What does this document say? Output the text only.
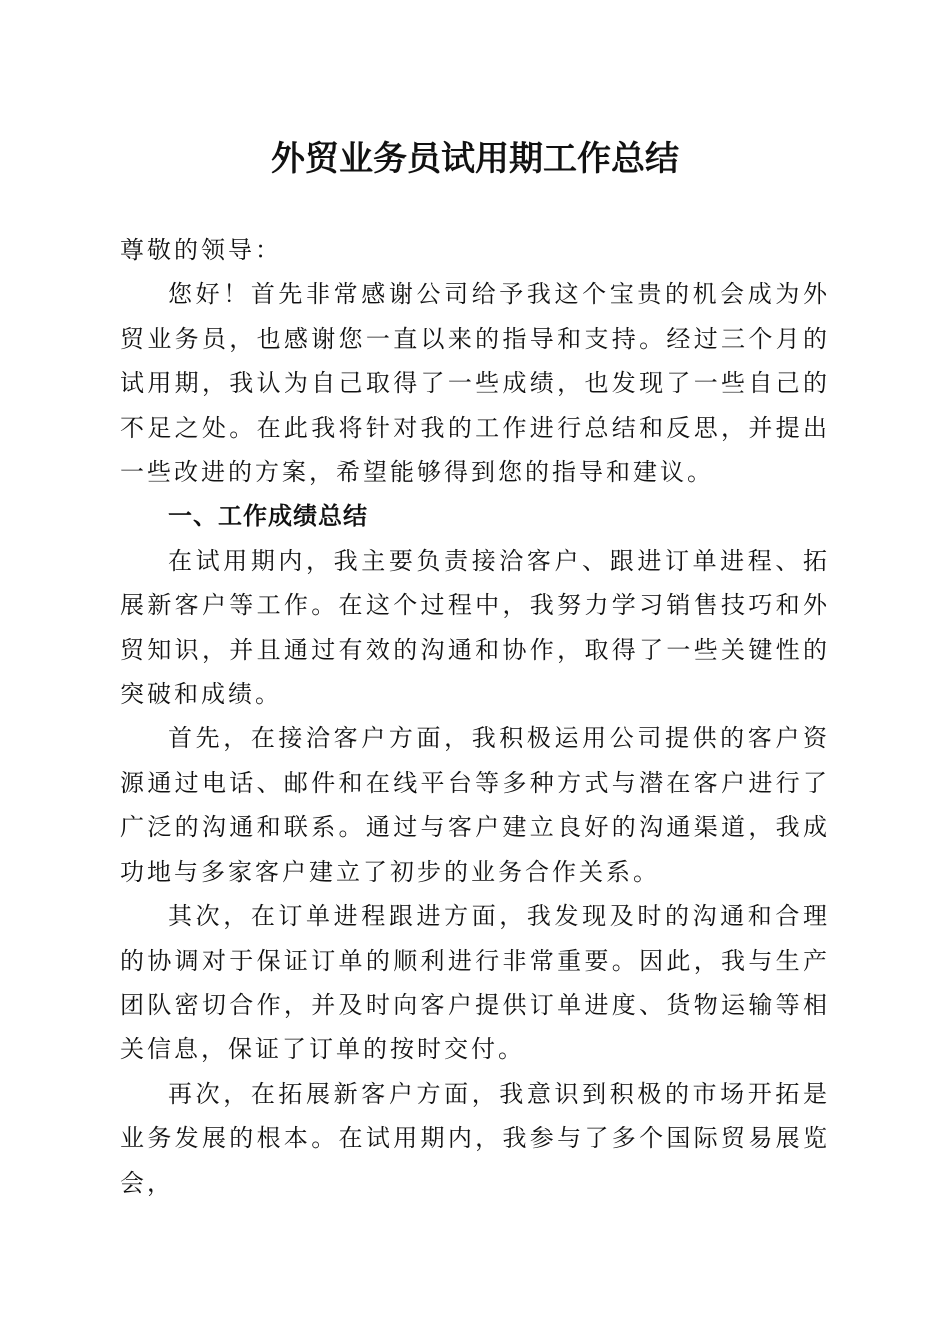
外贸业务员试用期工作总结

尊敬的领导：

您好！首先非常感谢公司给予我这个宝贵的机会成为外贸业务员，也感谢您一直以来的指导和支持。经过三个月的试用期，我认为自己取得了一些成绩，也发现了一些自己的不足之处。在此我将针对我的工作进行总结和反思，并提出一些改进的方案，希望能够得到您的指导和建议。

一、工作成绩总结

在试用期内，我主要负责接洽客户、跟进订单进程、拓展新客户等工作。在这个过程中，我努力学习销售技巧和外贸知识，并且通过有效的沟通和协作，取得了一些关键性的突破和成绩。

首先，在接洽客户方面，我积极运用公司提供的客户资源通过电话、邮件和在线平台等多种方式与潜在客户进行了广泛的沟通和联系。通过与客户建立良好的沟通渠道，我成功地与多家客户建立了初步的业务合作关系。

其次，在订单进程跟进方面，我发现及时的沟通和合理的协调对于保证订单的顺利进行非常重要。因此，我与生产团队密切合作，并及时向客户提供订单进度、货物运输等相关信息，保证了订单的按时交付。

再次，在拓展新客户方面，我意识到积极的市场开拓是业务发展的根本。在试用期内，我参与了多个国际贸易展览会，
